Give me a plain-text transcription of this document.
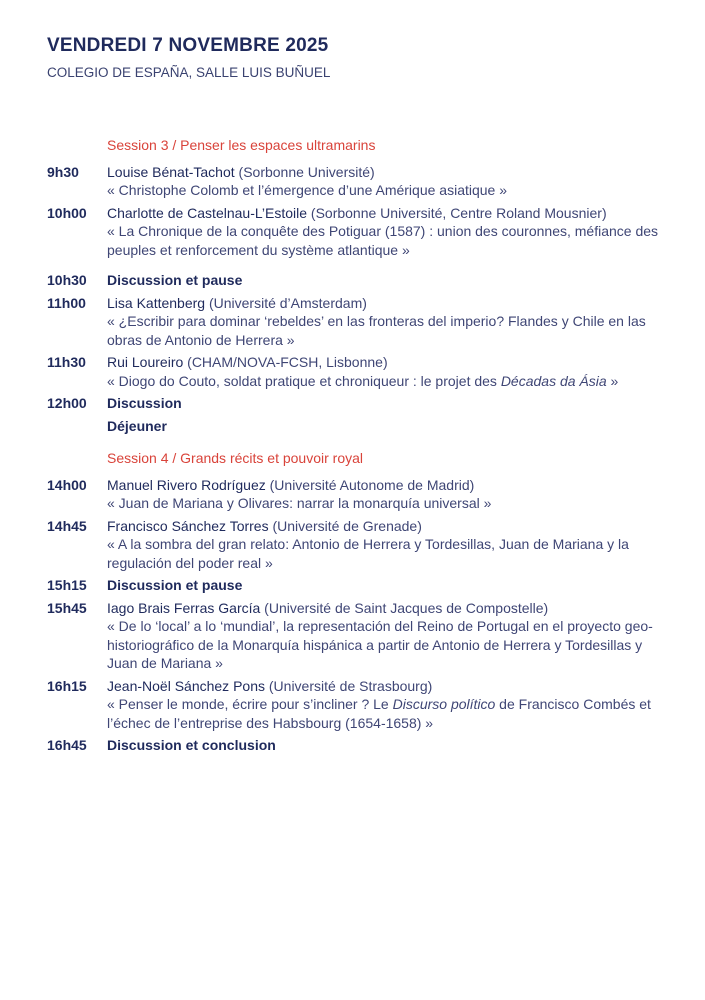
VENDREDI 7 NOVEMBRE 2025
COLEGIO DE ESPAÑA, SALLE LUIS BUÑUEL
Session 3 / Penser les espaces ultramarins
9h30	Louise Bénat-Tachot (Sorbonne Université)
« Christophe Colomb et l’émergence d’une Amérique asiatique »
10h00	Charlotte de Castelnau-L’Estoile (Sorbonne Université, Centre Roland Mousnier)
« La Chronique de la conquête des Potiguar (1587) : union des couronnes, méfiance des peuples et renforcement du système atlantique »
10h30	Discussion et pause
11h00	Lisa Kattenberg (Université d’Amsterdam)
« ¿Escribir para dominar ‘rebeldes’ en las fronteras del imperio? Flandes y Chile en las obras de Antonio de Herrera »
11h30	Rui Loureiro (CHAM/NOVA-FCSH, Lisbonne)
« Diogo do Couto, soldat pratique et chroniqueur : le projet des Décadas da Ásia »
12h00	Discussion
Déjeuner
Session 4 / Grands récits et pouvoir royal
14h00	Manuel Rivero Rodríguez (Université Autonome de Madrid)
« Juan de Mariana y Olivares: narrar la monarquía universal »
14h45	Francisco Sánchez Torres (Université de Grenade)
« A la sombra del gran relato: Antonio de Herrera y Tordesillas, Juan de Mariana y la regulación del poder real »
15h15	Discussion et pause
15h45	Iago Brais Ferras García (Université de Saint Jacques de Compostelle)
« De lo ‘local’ a lo ‘mundial’, la representación del Reino de Portugal en el proyecto geo-historiográfico de la Monarquía hispánica a partir de Antonio de Herrera y Tordesillas y Juan de Mariana »
16h15	Jean-Noël Sánchez Pons (Université de Strasbourg)
« Penser le monde, écrire pour s’incliner ? Le Discurso político de Francisco Combés et l’échec de l’entreprise des Habsbourg (1654-1658) »
16h45	Discussion et conclusion
